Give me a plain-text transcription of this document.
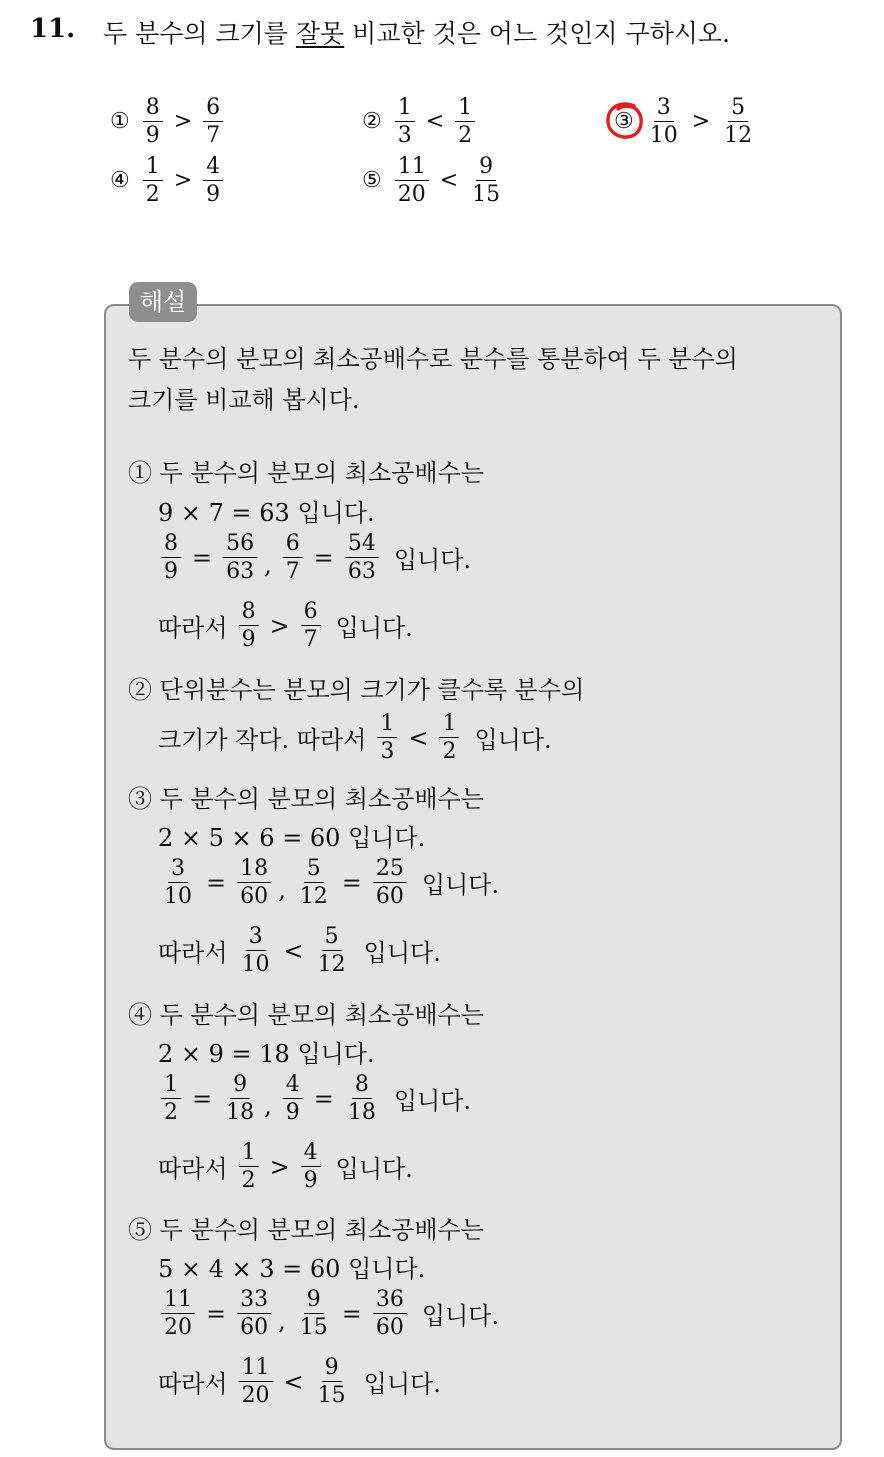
11. 두 분수의 크기를 잘못 비교한 것은 어느 것인지 구하시오.
① $\frac{8}{9} > \frac{6}{7}$	② $\frac{1}{3} < \frac{1}{2}$	③ $\frac{3}{10} > \frac{5}{12}$
④ $\frac{1}{2} > \frac{4}{9}$	⑤ $\frac{11}{20} < \frac{9}{15}$
해설
두 분수의 분모의 최소공배수로 분수를 통분하여 두 분수의
크기를 비교해 봅시다.
① 두 분수의 분모의 최소공배수는
9 × 7 = 63 입니다.
$\frac{8}{9} = \frac{56}{63}$ , $\frac{6}{7} = \frac{54}{63}$ 입니다.
따라서 $\frac{8}{9} > \frac{6}{7}$ 입니다.
② 단위분수는 분모의 크기가 클수록 분수의
크기가 작다. 따라서 $\frac{1}{3} < \frac{1}{2}$ 입니다.
③ 두 분수의 분모의 최소공배수는
2 × 5 × 6 = 60 입니다.
$\frac{3}{10} = \frac{18}{60}$ , $\frac{5}{12} = \frac{25}{60}$ 입니다.
따라서 $\frac{3}{10} < \frac{5}{12}$ 입니다.
④ 두 분수의 분모의 최소공배수는
2 × 9 = 18 입니다.
$\frac{1}{2} = \frac{9}{18}$ , $\frac{4}{9} = \frac{8}{18}$ 입니다.
따라서 $\frac{1}{2} > \frac{4}{9}$ 입니다.
⑤ 두 분수의 분모의 최소공배수는
5 × 4 × 3 = 60 입니다.
$\frac{11}{20} = \frac{33}{60}$ , $\frac{9}{15} = \frac{36}{60}$ 입니다.
따라서 $\frac{11}{20} < \frac{9}{15}$ 입니다.
